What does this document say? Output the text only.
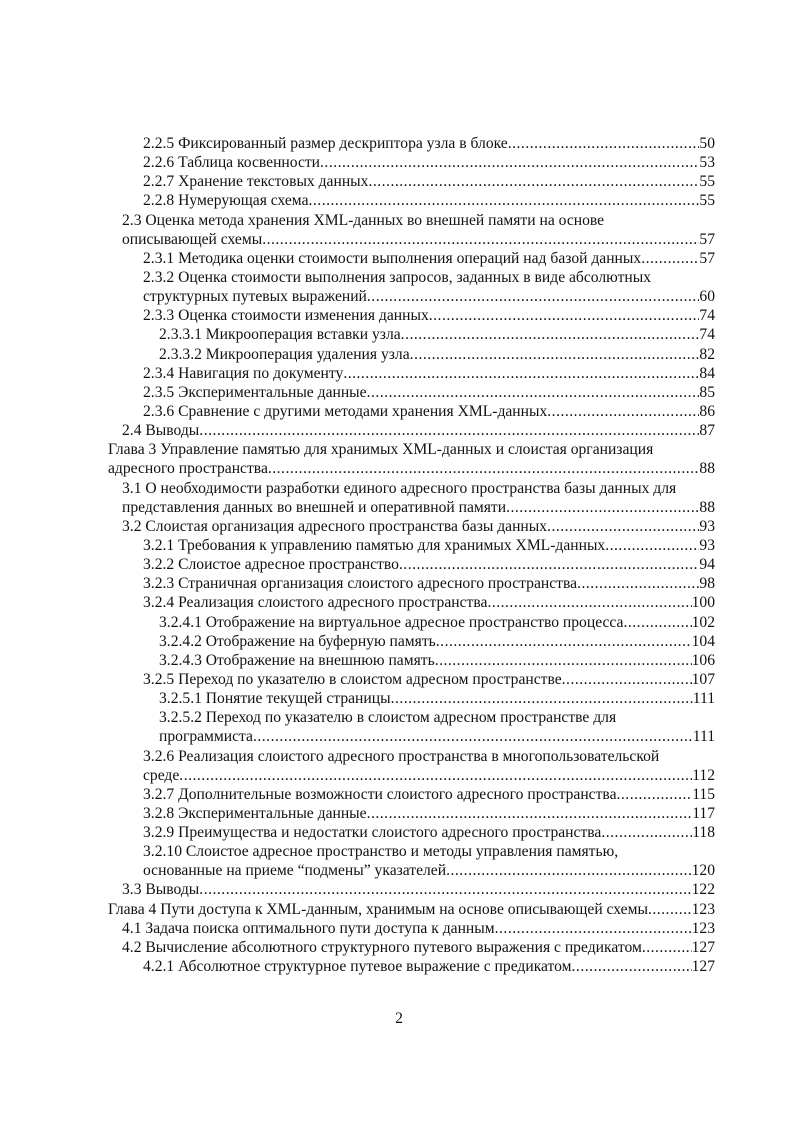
2.2.5 Фиксированный размер дескриптора узла в блоке .....	50
2.2.6 Таблица косвенности .....	53
2.2.7 Хранение текстовых данных .....	55
2.2.8 Нумерующая схема .....	55
2.3 Оценка метода хранения XML-данных во внешней памяти на основе
описывающей схемы .....	57
2.3.1 Методика оценки стоимости выполнения операций над базой данных .....	57
2.3.2 Оценка стоимости выполнения запросов, заданных в виде абсолютных
структурных путевых выражений .....	60
2.3.3 Оценка стоимости изменения данных .....	74
2.3.3.1 Микрооперация вставки узла .....	74
2.3.3.2 Микрооперация удаления узла .....	82
2.3.4 Навигация по документу .....	84
2.3.5 Экспериментальные данные .....	85
2.3.6 Сравнение с другими методами хранения XML-данных .....	86
2.4 Выводы .....	87
Глава 3 Управление памятью для хранимых XML-данных и слоистая организация
адресного пространства .....	88
3.1 О необходимости разработки единого адресного пространства базы данных для
представления данных во внешней и оперативной памяти .....	88
3.2 Слоистая организация адресного пространства базы данных .....	93
3.2.1 Требования к управлению памятью для хранимых XML-данных .....	93
3.2.2 Слоистое адресное пространство .....	94
3.2.3 Страничная организация слоистого адресного пространства .....	98
3.2.4 Реализация слоистого адресного пространства .....	100
3.2.4.1 Отображение на виртуальное адресное пространство процесса .....	102
3.2.4.2 Отображение на буферную память .....	104
3.2.4.3 Отображение на внешнюю память .....	106
3.2.5 Переход по указателю в слоистом адресном пространстве .....	107
3.2.5.1 Понятие текущей страницы .....	111
3.2.5.2 Переход по указателю в слоистом адресном пространстве для
программиста .....	111
3.2.6 Реализация слоистого адресного пространства в многопользовательской
среде .....	112
3.2.7 Дополнительные возможности слоистого адресного пространства .....	115
3.2.8 Экспериментальные данные .....	117
3.2.9 Преимущества и недостатки слоистого адресного пространства .....	118
3.2.10 Слоистое адресное пространство и методы управления памятью,
основанные на приеме “подмены” указателей .....	120
3.3 Выводы .....	122
Глава 4 Пути доступа к XML-данным, хранимым на основе описывающей схемы .....	123
4.1 Задача поиска оптимального пути доступа к данным .....	123
4.2 Вычисление абсолютного структурного путевого выражения с предикатом .....	127
4.2.1 Абсолютное структурное путевое выражение с предикатом .....	127
2
